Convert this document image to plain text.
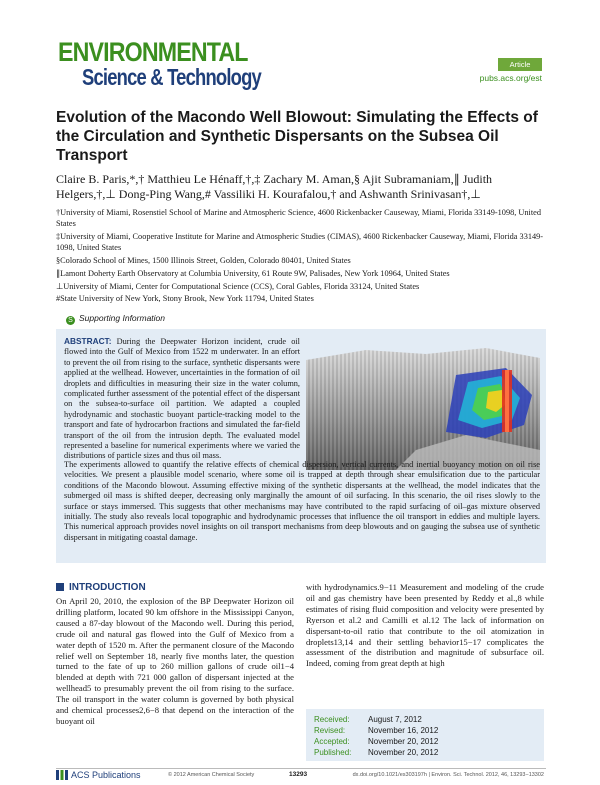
ENVIRONMENTAL
Science & Technology	Article
pubs.acs.org/est
Evolution of the Macondo Well Blowout: Simulating the Effects of the Circulation and Synthetic Dispersants on the Subsea Oil Transport
Claire B. Paris,*,† Matthieu Le Hénaff,†,‡ Zachary M. Aman,§ Ajit Subramaniam,∥ Judith Helgers,†,⊥ Dong-Ping Wang,# Vassiliki H. Kourafalou,† and Ashwanth Srinivasan†,⊥
†University of Miami, Rosenstiel School of Marine and Atmospheric Science, 4600 Rickenbacker Causeway, Miami, Florida 33149-1098, United States
‡University of Miami, Cooperative Institute for Marine and Atmospheric Studies (CIMAS), 4600 Rickenbacker Causeway, Miami, Florida 33149-1098, United States
§Colorado School of Mines, 1500 Illinois Street, Golden, Colorado 80401, United States
∥Lamont Doherty Earth Observatory at Columbia University, 61 Route 9W, Palisades, New York 10964, United States
⊥University of Miami, Center for Computational Science (CCS), Coral Gables, Florida 33124, United States
#State University of New York, Stony Brook, New York 11794, United States
S Supporting Information
ABSTRACT: During the Deepwater Horizon incident, crude oil flowed into the Gulf of Mexico from 1522 m underwater. In an effort to prevent the oil from rising to the surface, synthetic dispersants were applied at the wellhead. However, uncertainties in the formation of oil droplets and difficulties in measuring their size in the water column, complicated further assessment of the potential effect of the dispersant on the subsea-to-surface oil partition. We adapted a coupled hydrodynamic and stochastic buoyant particle-tracking model to the transport and fate of hydrocarbon fractions and simulated the far-field transport of the oil from the intrusion depth. The evaluated model represented a baseline for numerical experiments where we varied the distributions of particle sizes and thus oil mass.
The experiments allowed to quantify the relative effects of chemical dispersion, vertical currents, and inertial buoyancy motion on oil rise velocities. We present a plausible model scenario, where some oil is trapped at depth through shear emulsification due to the particular conditions of the Macondo blowout. Assuming effective mixing of the synthetic dispersants at the wellhead, the model indicates that the submerged oil mass is shifted deeper, decreasing only marginally the amount of oil surfacing. In this scenario, the oil rises slowly to the surface or stays immersed. This suggests that other mechanisms may have contributed to the rapid surfacing of oil–gas mixture observed initially. The study also reveals local topographic and hydrodynamic processes that influence the oil transport in eddies and multiple layers. This numerical approach provides novel insights on oil transport mechanisms from deep blowouts and on gauging the subsea use of synthetic dispersant in mitigating coastal damage.
INTRODUCTION
On April 20, 2010, the explosion of the BP Deepwater Horizon oil drilling platform, located 90 km offshore in the Mississippi Canyon, caused a 87-day blowout of the Macondo well. During this period, crude oil and natural gas flowed into the Gulf of Mexico from a water depth of 1520 m. After the permanent closure of the Macondo relief well on September 18, nearly five months later, the question turned to the fate of up to 260 million gallons of crude oil1−4 blended at depth with 721 000 gallon of dispersant injected at the wellhead5 to presumably prevent the oil from rising to the surface. The oil transport in the water column is governed by both physical and chemical processes2,6−8 that depend on the interaction of the buoyant oil
with hydrodynamics.9−11 Measurement and modeling of the crude oil and gas chemistry have been presented by Reddy et al.,8 while estimates of rising fluid composition and velocity were presented by Ryerson et al.2 and Camilli et al.12 The lack of information on dispersant-to-oil ratio that contribute to the oil atomization in droplets13,14 and their settling behavior15−17 complicates the assessment of the distribution and magnitude of subsurface oil. Indeed, coming from great depth at high
Received: August 7, 2012
Revised:	November 16, 2012
Accepted: November 20, 2012
Published: November 20, 2012
ACS Publications	© 2012 American Chemical Society	13293	dx.doi.org/10.1021/es303197h | Environ. Sci. Technol. 2012, 46, 13293−13302
